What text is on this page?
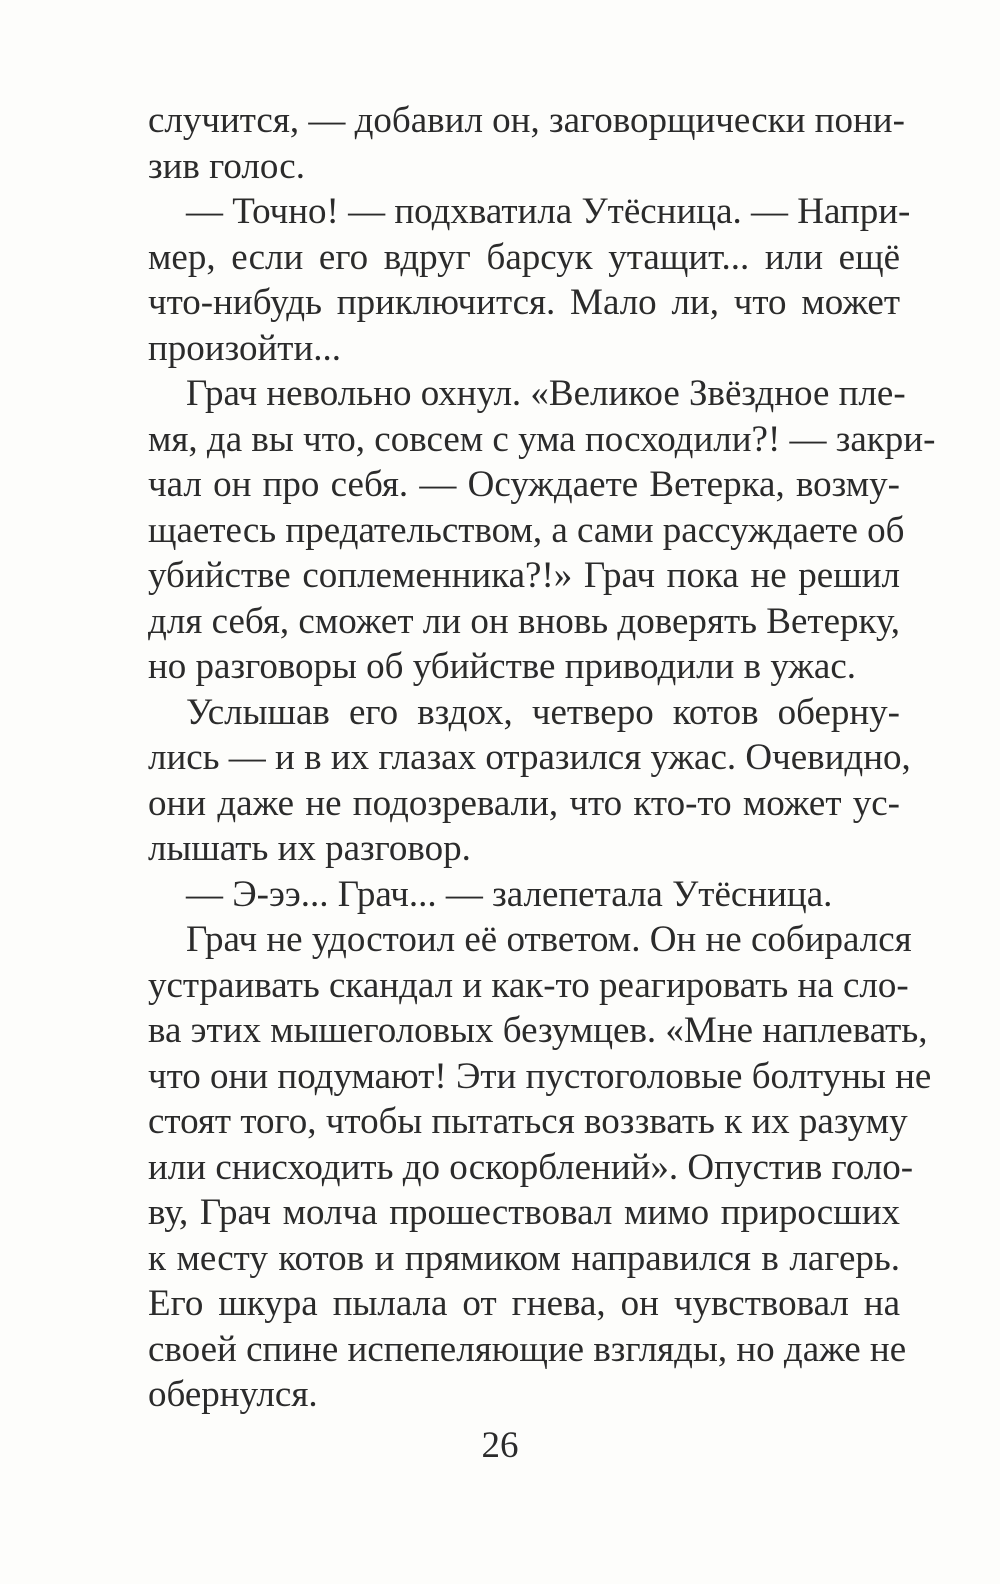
случится, — добавил он, заговорщически пони-
зив голос.
— Точно! — подхватила Утёсница. — Напри-
мер, если его вдруг барсук утащит... или ещё
что-нибудь приключится. Мало ли, что может
произойти...
Грач невольно охнул. «Великое Звёздное пле-
мя, да вы что, совсем с ума посходили?! — закри-
чал он про себя. — Осуждаете Ветерка, возму-
щаетесь предательством, а сами рассуждаете об
убийстве соплеменника?!» Грач пока не решил
для себя, сможет ли он вновь доверять Ветерку,
но разговоры об убийстве приводили в ужас.
Услышав его вздох, четверо котов оберну-
лись — и в их глазах отразился ужас. Очевидно,
они даже не подозревали, что кто-то может ус-
лышать их разговор.
— Э-ээ... Грач... — залепетала Утёсница.
Грач не удостоил её ответом. Он не собирался
устраивать скандал и как-то реагировать на сло-
ва этих мышеголовых безумцев. «Мне наплевать,
что они подумают! Эти пустоголовые болтуны не
стоят того, чтобы пытаться воззвать к их разуму
или снисходить до оскорблений». Опустив голо-
ву, Грач молча прошествовал мимо приросших
к месту котов и прямиком направился в лагерь.
Его шкура пылала от гнева, он чувствовал на
своей спине испепеляющие взгляды, но даже не
обернулся.
26
